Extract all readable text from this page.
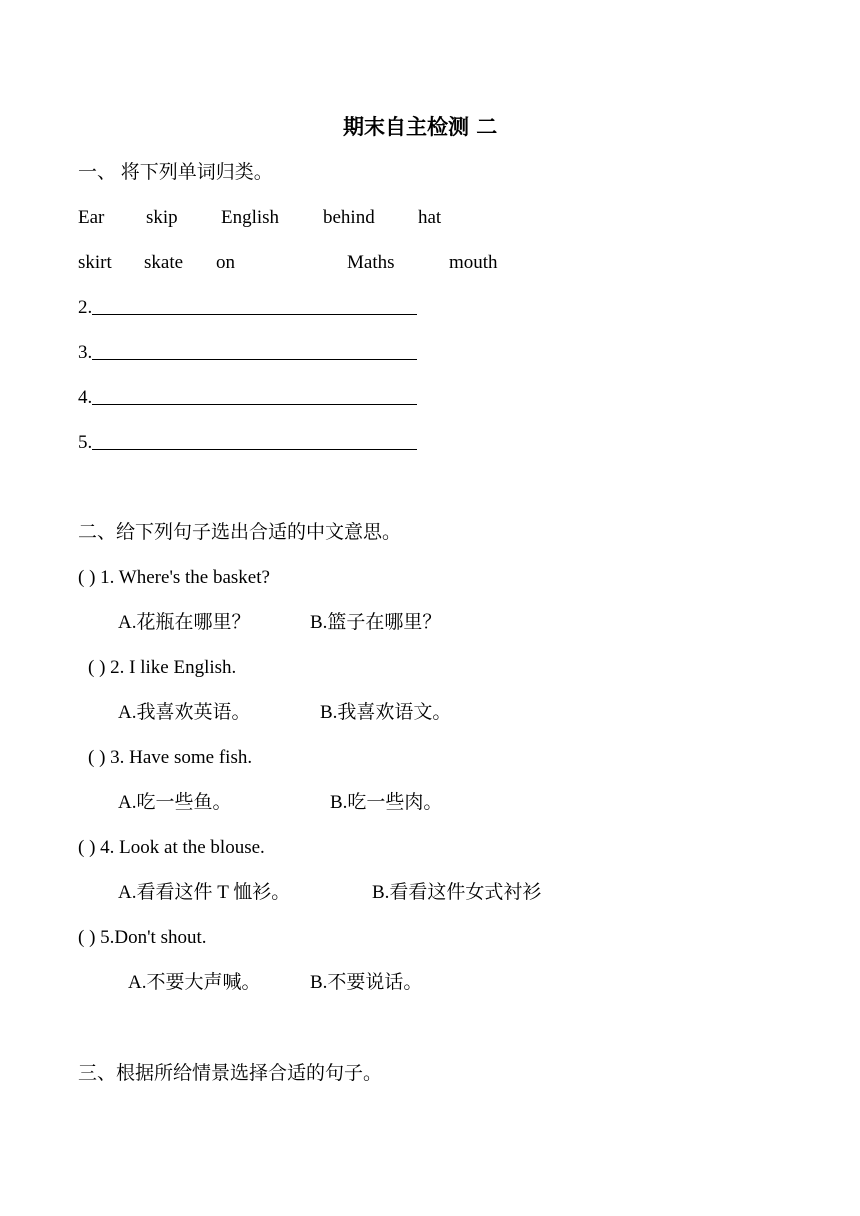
期末自主检测 二
一、 将下列单词归类。
Ear skip English behind hat
skirt skate on	Maths	mouth
2.
3.
4.
5.
二、给下列句子选出合适的中文意思。
( ) 1. Where's the basket?
A.花瓶在哪里？	B.篮子在哪里？
( ) 2. I like English.
A.我喜欢英语。	B.我喜欢语文。
( ) 3. Have some fish.
A.吃一些鱼。	B.吃一些肉。
( ) 4. Look at the blouse.
A.看看这件 T 恤衫。	B.看看这件女式衬衫
( ) 5.Don't shout.
A.不要大声喊。	B.不要说话。
三、根据所给情景选择合适的句子。
